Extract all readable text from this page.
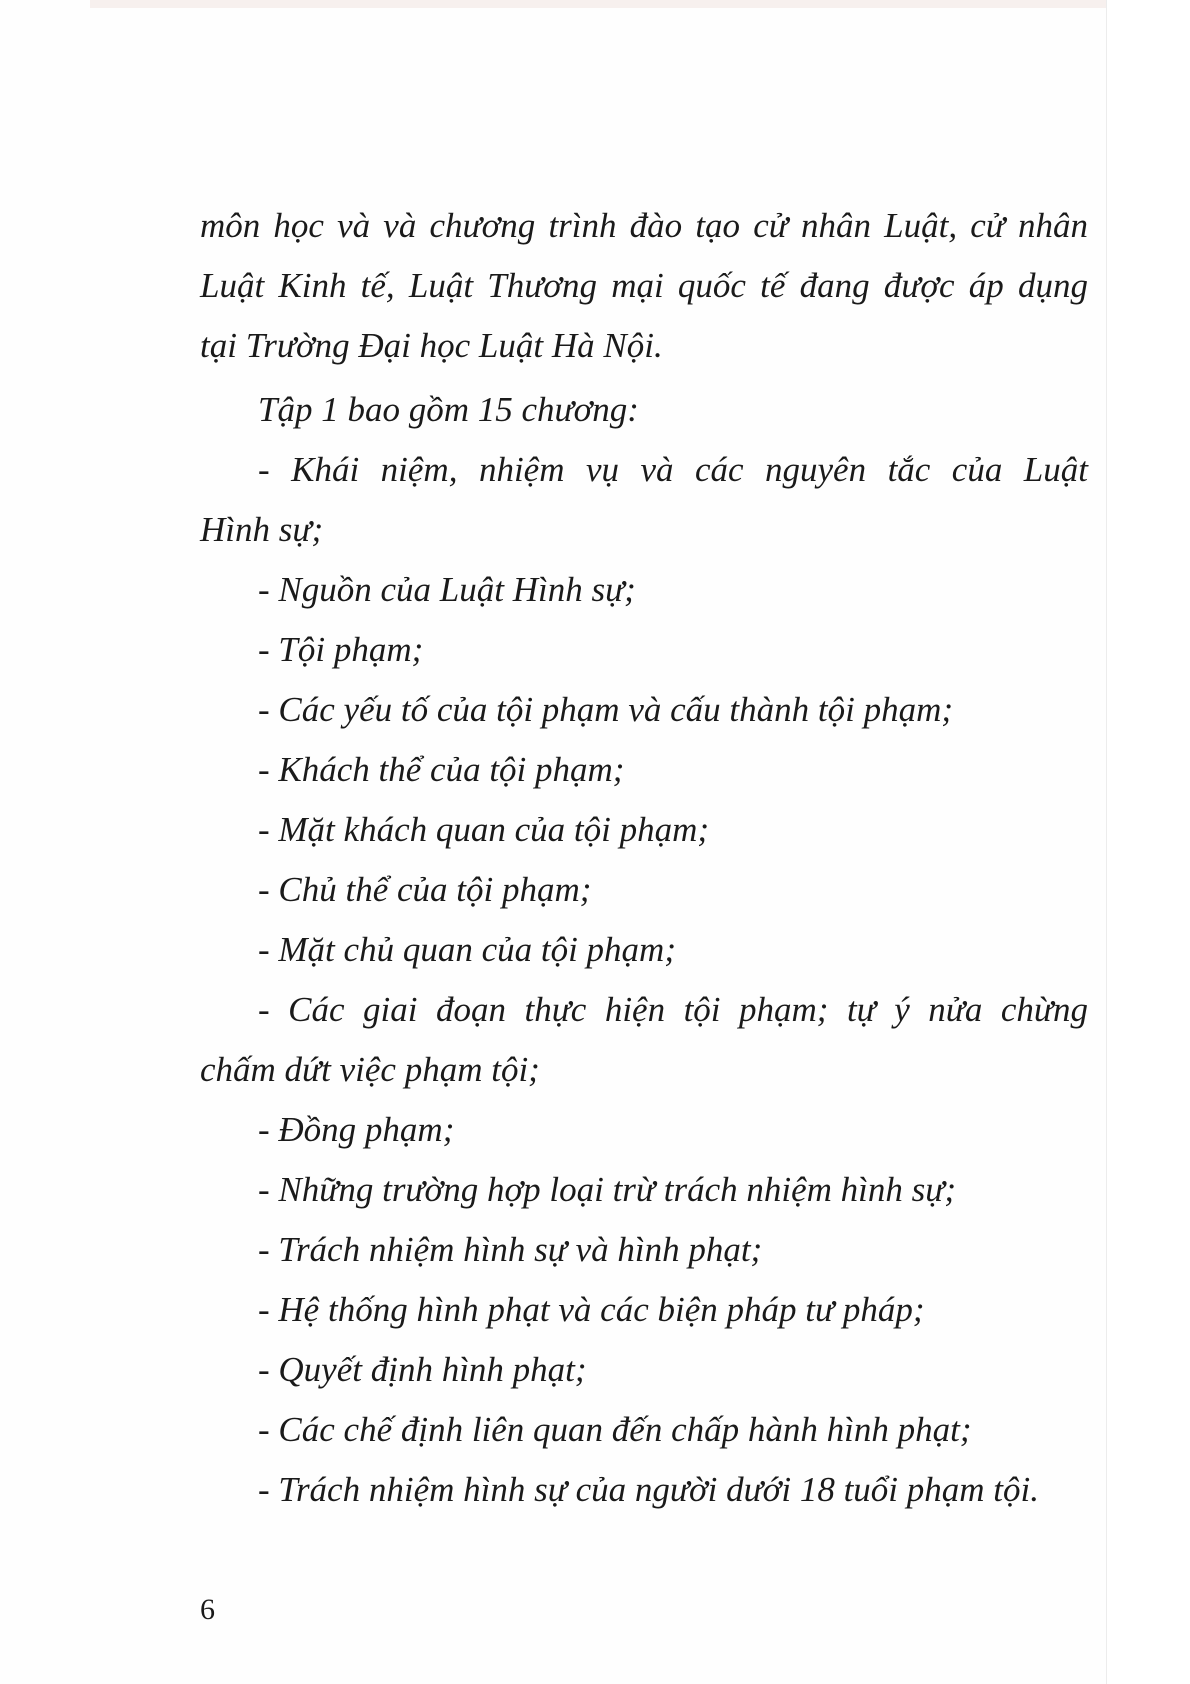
môn học và và chương trình đào tạo cử nhân Luật, cử nhân
Luật Kinh tế, Luật Thương mại quốc tế đang được áp dụng
tại Trường Đại học Luật Hà Nội.
Tập 1 bao gồm 15 chương:
- Khái niệm, nhiệm vụ và các nguyên tắc của Luật
Hình sự;
- Nguồn của Luật Hình sự;
- Tội phạm;
- Các yếu tố của tội phạm và cấu thành tội phạm;
- Khách thể của tội phạm;
- Mặt khách quan của tội phạm;
- Chủ thể của tội phạm;
- Mặt chủ quan của tội phạm;
- Các giai đoạn thực hiện tội phạm; tự ý nửa chừng
chấm dứt việc phạm tội;
- Đồng phạm;
- Những trường hợp loại trừ trách nhiệm hình sự;
- Trách nhiệm hình sự và hình phạt;
- Hệ thống hình phạt và các biện pháp tư pháp;
- Quyết định hình phạt;
- Các chế định liên quan đến chấp hành hình phạt;
- Trách nhiệm hình sự của người dưới 18 tuổi phạm tội.
6
